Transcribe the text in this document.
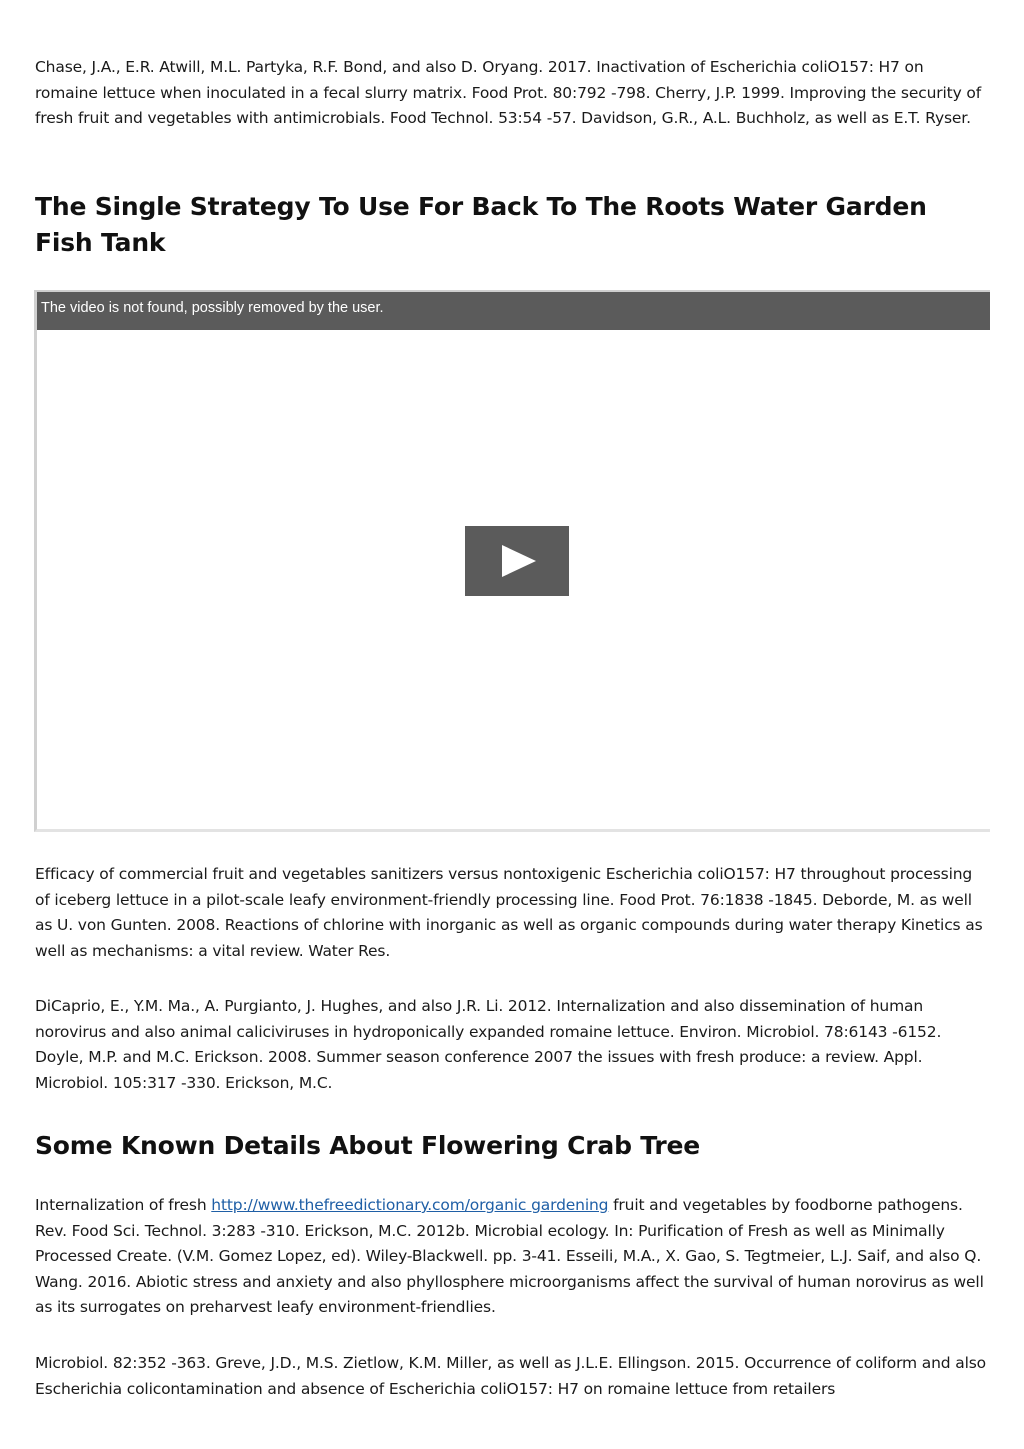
Chase, J.A., E.R. Atwill, M.L. Partyka, R.F. Bond, and also D. Oryang. 2017. Inactivation of Escherichia coliO157: H7 on romaine lettuce when inoculated in a fecal slurry matrix. Food Prot. 80:792 -798. Cherry, J.P. 1999. Improving the security of fresh fruit and vegetables with antimicrobials. Food Technol. 53:54 -57. Davidson, G.R., A.L. Buchholz, as well as E.T. Ryser.

The Single Strategy To Use For Back To The Roots Water Garden Fish Tank

Efficacy of commercial fruit and vegetables sanitizers versus nontoxigenic Escherichia coliO157: H7 throughout processing of iceberg lettuce in a pilot-scale leafy environment-friendly processing line. Food Prot. 76:1838 -1845. Deborde, M. as well as U. von Gunten. 2008. Reactions of chlorine with inorganic as well as organic compounds during water therapy Kinetics as well as mechanisms: a vital review. Water Res.

DiCaprio, E., Y.M. Ma., A. Purgianto, J. Hughes, and also J.R. Li. 2012. Internalization and also dissemination of human norovirus and also animal caliciviruses in hydroponically expanded romaine lettuce. Environ. Microbiol. 78:6143 -6152. Doyle, M.P. and M.C. Erickson. 2008. Summer season conference 2007 the issues with fresh produce: a review. Appl. Microbiol. 105:317 -330. Erickson, M.C.

Some Known Details About Flowering Crab Tree

Internalization of fresh http://www.thefreedictionary.com/organic gardening fruit and vegetables by foodborne pathogens. Rev. Food Sci. Technol. 3:283 -310. Erickson, M.C. 2012b. Microbial ecology. In: Purification of Fresh as well as Minimally Processed Create. (V.M. Gomez Lopez, ed). Wiley-Blackwell. pp. 3-41. Esseili, M.A., X. Gao, S. Tegtmeier, L.J. Saif, and also Q. Wang. 2016. Abiotic stress and anxiety and also phyllosphere microorganisms affect the survival of human norovirus as well as its surrogates on preharvest leafy environment-friendlies.

Microbiol. 82:352 -363. Greve, J.D., M.S. Zietlow, K.M. Miller, as well as J.L.E. Ellingson. 2015. Occurrence of coliform and also Escherichia colicontamination and absence of Escherichia coliO157: H7 on romaine lettuce from retailers

The video is not found, possibly removed by the user.
